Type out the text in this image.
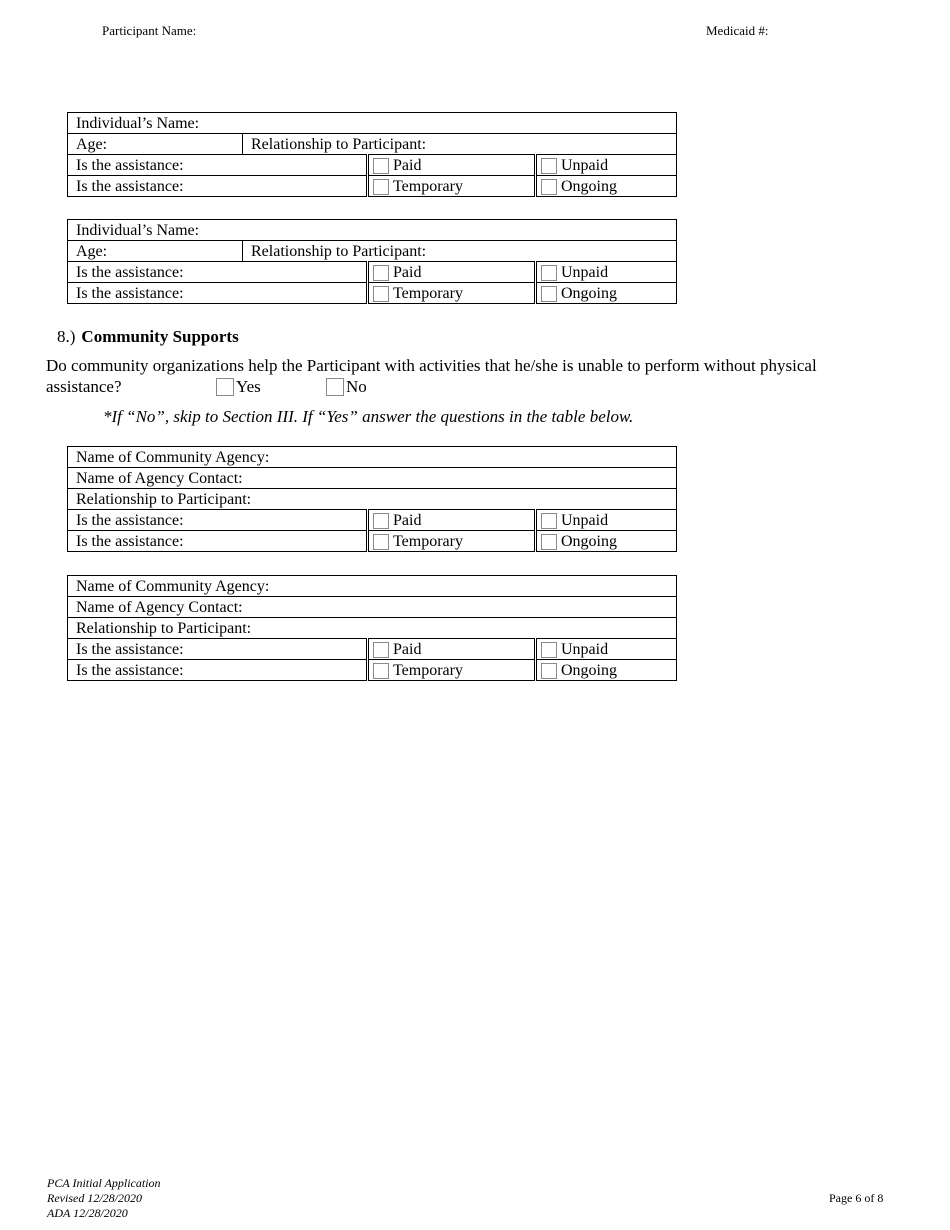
Participant Name:	Medicaid #:
Individual’s Name:			
Age:	Relationship to Participant:		
Is the assistance:		Paid	Unpaid
Is the assistance:		Temporary	Ongoing
Individual’s Name:			
Age:	Relationship to Participant:		
Is the assistance:		Paid	Unpaid
Is the assistance:		Temporary	Ongoing
8.) Community Supports
Do community organizations help the Participant with activities that he/she is unable to perform without physical assistance?	Yes	No
*If “No”, skip to Section III. If “Yes” answer the questions in the table below.
Name of Community Agency:		
Name of Agency Contact:		
Relationship to Participant:		
Is the assistance:	Paid	Unpaid
Is the assistance:	Temporary	Ongoing
Name of Community Agency:		
Name of Agency Contact:		
Relationship to Participant:		
Is the assistance:	Paid	Unpaid
Is the assistance:	Temporary	Ongoing
PCA Initial Application
Revised 12/28/2020
ADA 12/28/2020
Page 6 of 8
